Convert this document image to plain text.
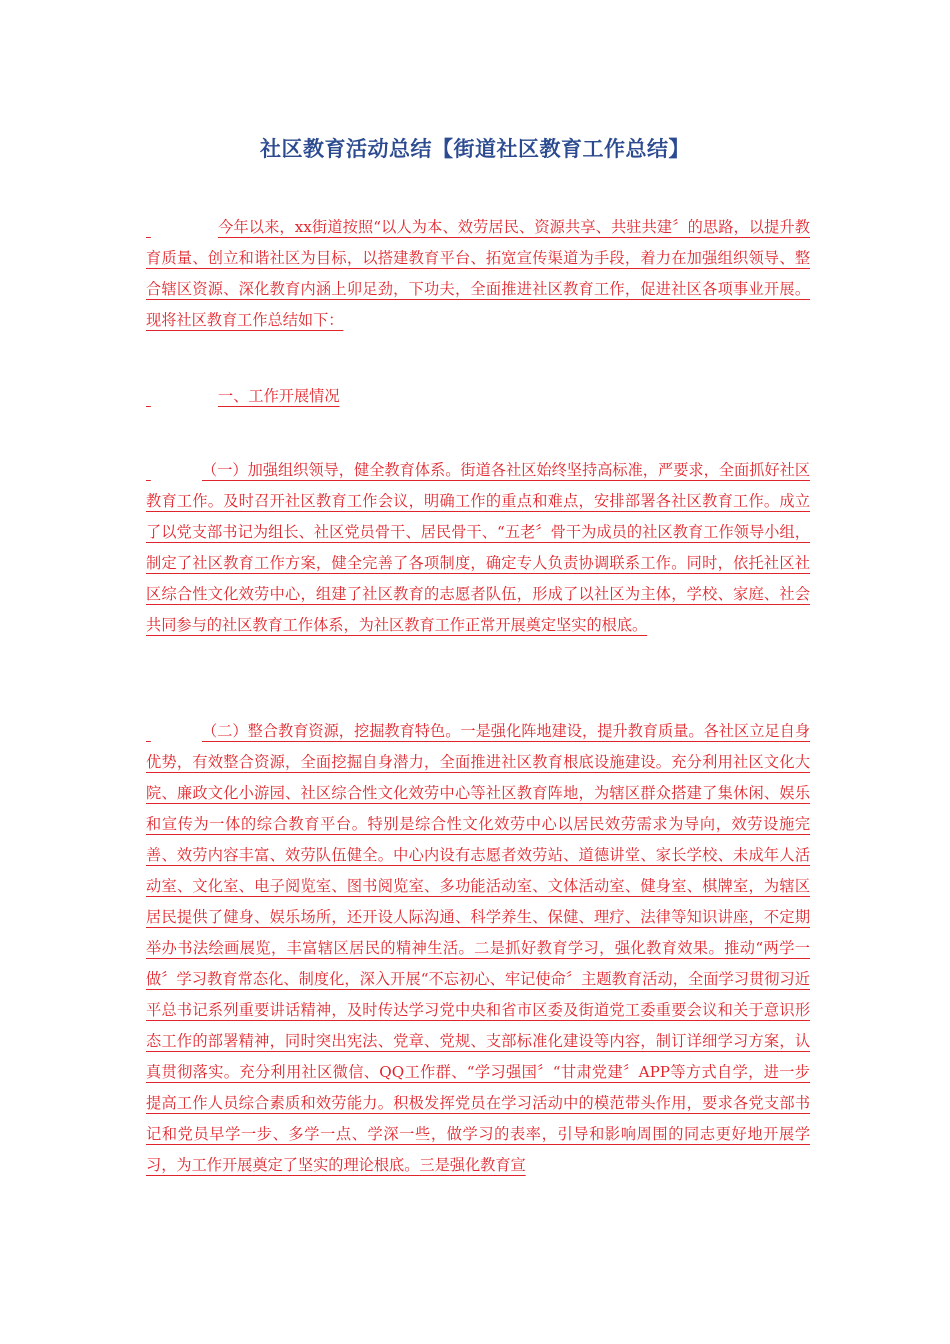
社区教育活动总结【街道社区教育工作总结】

今年以来，xx街道按照“以人为本、效劳居民、资源共享、共驻共建〞的思路，以提升教育质量、创立和谐社区为目标，以搭建教育平台、拓宽宣传渠道为手段，着力在加强组织领导、整合辖区资源、深化教育内涵上卯足劲，下功夫，全面推进社区教育工作，促进社区各项事业开展。现将社区教育工作总结如下：

一、工作开展情况

（一）加强组织领导，健全教育体系。街道各社区始终坚持高标准，严要求，全面抓好社区教育工作。及时召开社区教育工作会议，明确工作的重点和难点，安排部署各社区教育工作。成立了以党支部书记为组长、社区党员骨干、居民骨干、“五老〞骨干为成员的社区教育工作领导小组，制定了社区教育工作方案，健全完善了各项制度，确定专人负责协调联系工作。同时，依托社区社区综合性文化效劳中心，组建了社区教育的志愿者队伍，形成了以社区为主体，学校、家庭、社会共同参与的社区教育工作体系，为社区教育工作正常开展奠定坚实的根底。

（二）整合教育资源，挖掘教育特色。一是强化阵地建设，提升教育质量。各社区立足自身优势，有效整合资源，全面挖掘自身潜力，全面推进社区教育根底设施建设。充分利用社区文化大院、廉政文化小游园、社区综合性文化效劳中心等社区教育阵地，为辖区群众搭建了集休闲、娱乐和宣传为一体的综合教育平台。特别是综合性文化效劳中心以居民效劳需求为导向，效劳设施完善、效劳内容丰富、效劳队伍健全。中心内设有志愿者效劳站、道德讲堂、家长学校、未成年人活动室、文化室、电子阅览室、图书阅览室、多功能活动室、文体活动室、健身室、棋牌室，为辖区居民提供了健身、娱乐场所，还开设人际沟通、科学养生、保健、理疗、法律等知识讲座，不定期举办书法绘画展览，丰富辖区居民的精神生活。二是抓好教育学习，强化教育效果。推动“两学一做〞学习教育常态化、制度化，深入开展“不忘初心、牢记使命〞主题教育活动，全面学习贯彻习近平总书记系列重要讲话精神，及时传达学习党中央和省市区委及街道党工委重要会议和关于意识形态工作的部署精神，同时突出宪法、党章、党规、支部标准化建设等内容，制订详细学习方案，认真贯彻落实。充分利用社区微信、QQ工作群、“学习强国〞“甘肃党建〞APP等方式自学，进一步提高工作人员综合素质和效劳能力。积极发挥党员在学习活动中的模范带头作用，要求各党支部书记和党员早学一步、多学一点、学深一些，做学习的表率，引导和影响周围的同志更好地开展学习，为工作开展奠定了坚实的理论根底。三是强化教育宣
